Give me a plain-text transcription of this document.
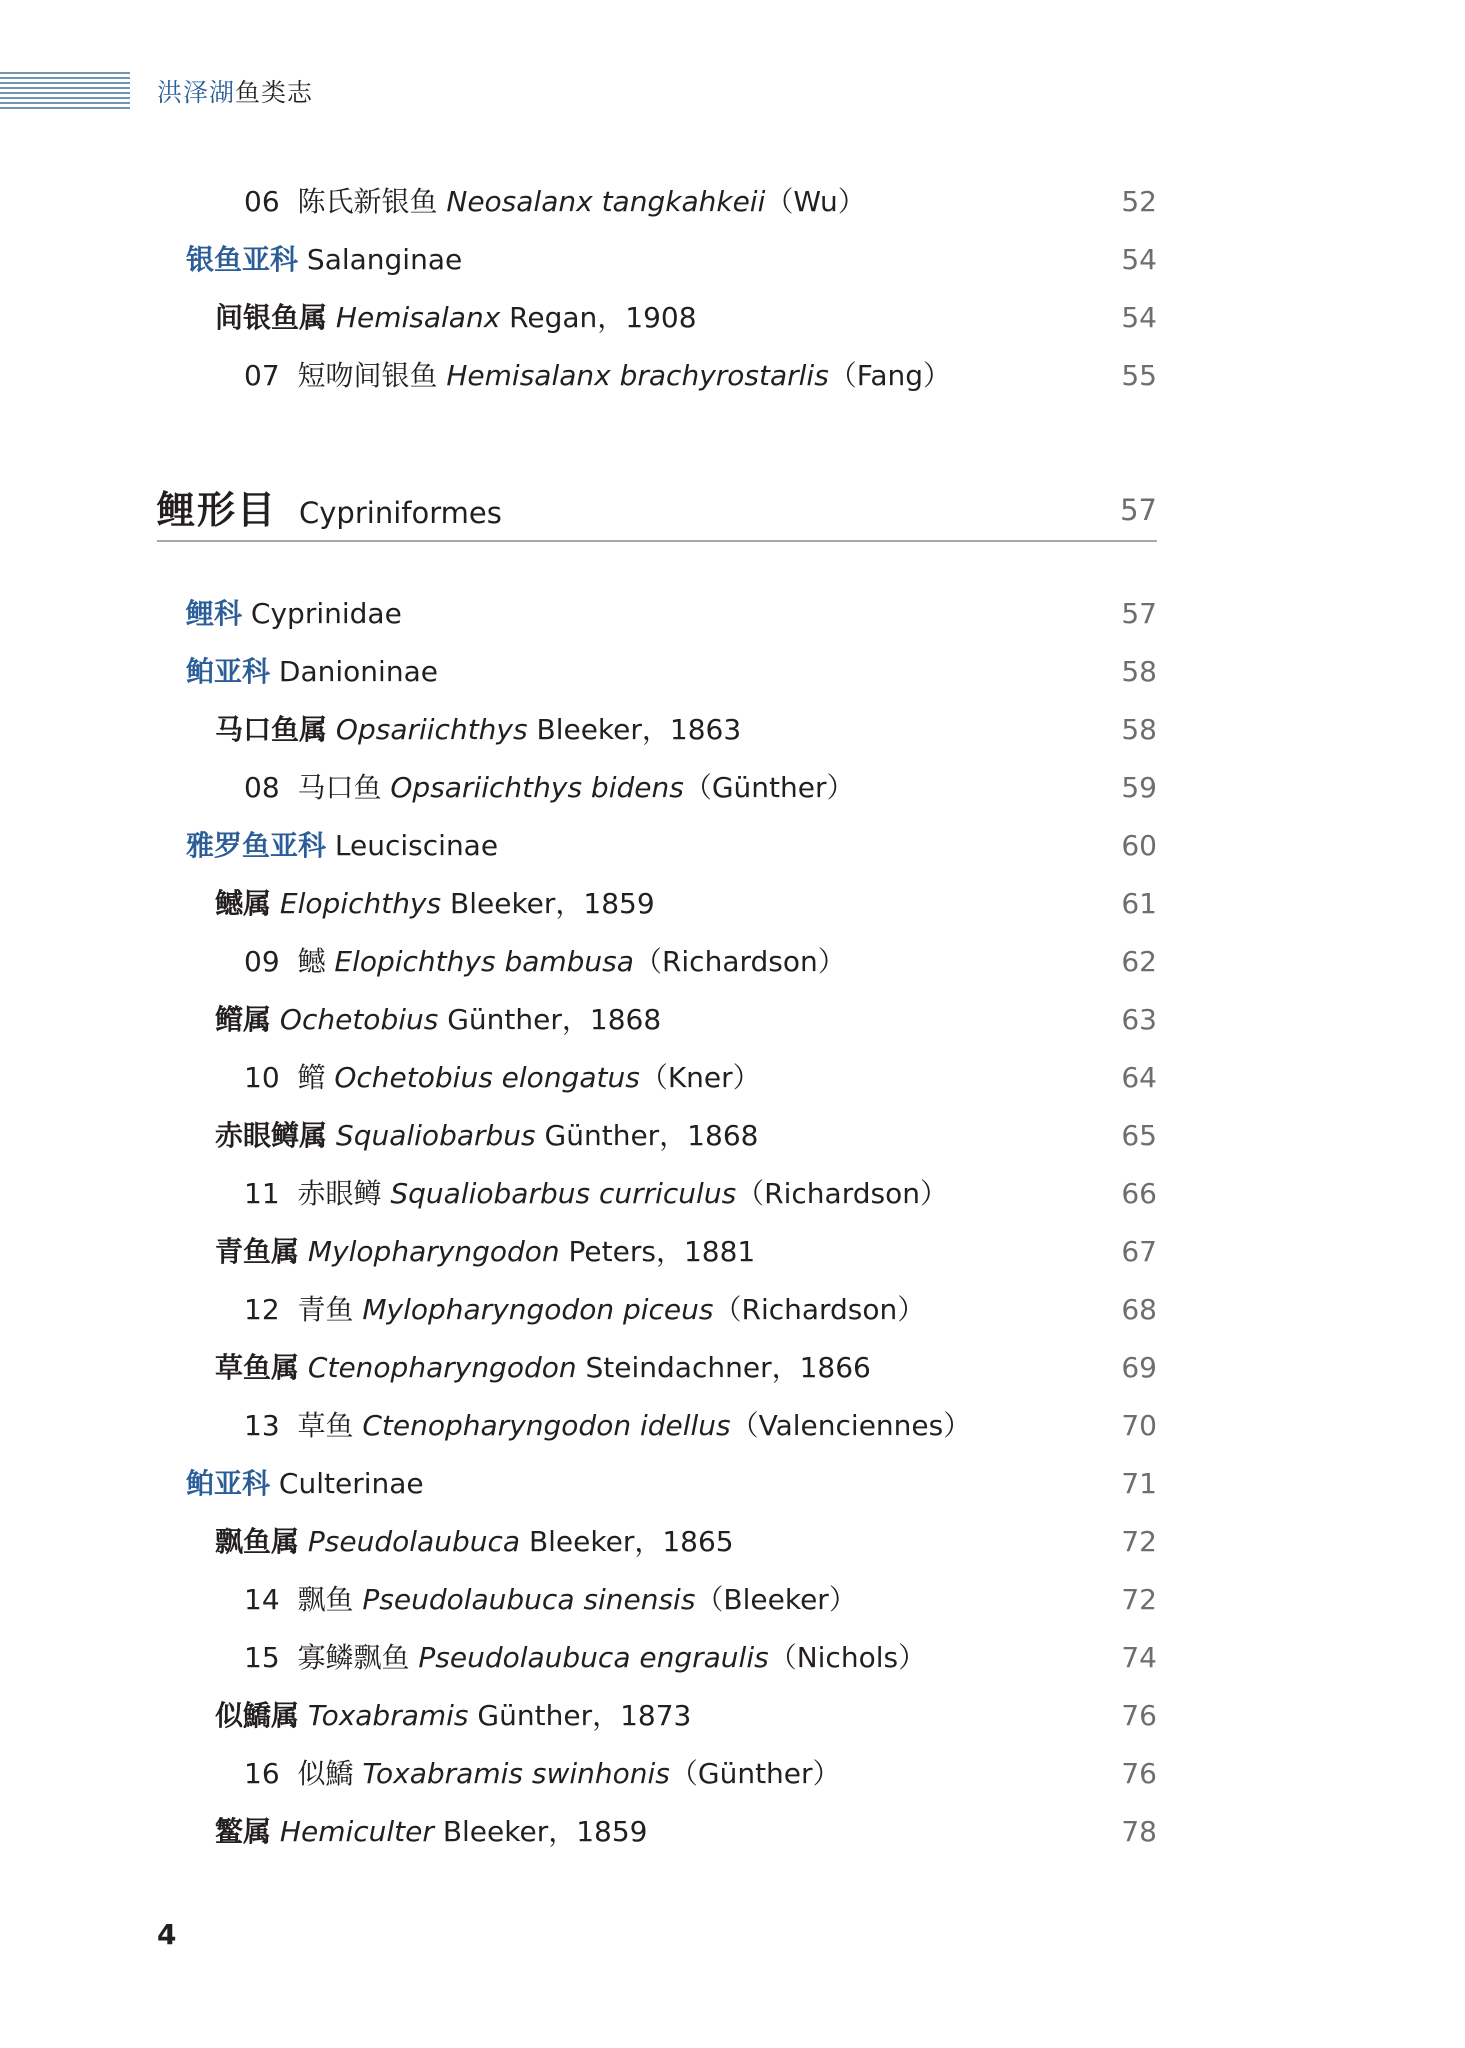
洪泽湖鱼类志
06 陈氏新银鱼 Neosalanx tangkahkeii（Wu）	52
银鱼亚科 Salanginae	54
间银鱼属 Hemisalanx Regan，1908	54
07 短吻间银鱼 Hemisalanx brachyrostarlis（Fang）	55
鲤形目 Cypriniformes	57
鲤科 Cyprinidae	57
鲌亚科 Danioninae	58
马口鱼属 Opsariichthys Bleeker，1863	58
08 马口鱼 Opsariichthys bidens（Günther）	59
雅罗鱼亚科 Leuciscinae	60
鳡属 Elopichthys Bleeker，1859	61
09 鳡 Elopichthys bambusa（Richardson）	62
鳤属 Ochetobius Günther，1868	63
10 鳤 Ochetobius elongatus（Kner）	64
赤眼鳟属 Squaliobarbus Günther，1868	65
11 赤眼鳟 Squaliobarbus curriculus（Richardson）	66
青鱼属 Mylopharyngodon Peters，1881	67
12 青鱼 Mylopharyngodon piceus（Richardson）	68
草鱼属 Ctenopharyngodon Steindachner，1866	69
13 草鱼 Ctenopharyngodon idellus（Valenciennes）	70
鲌亚科 Culterinae	71
飘鱼属 Pseudolaubuca Bleeker，1865	72
14 飘鱼 Pseudolaubuca sinensis（Bleeker）	72
15 寡鳞飘鱼 Pseudolaubuca engraulis（Nichols）	74
似鱎属 Toxabramis Günther，1873	76
16 似鱎 Toxabramis swinhonis（Günther）	76
鳘属 Hemiculter Bleeker，1859	78
4
